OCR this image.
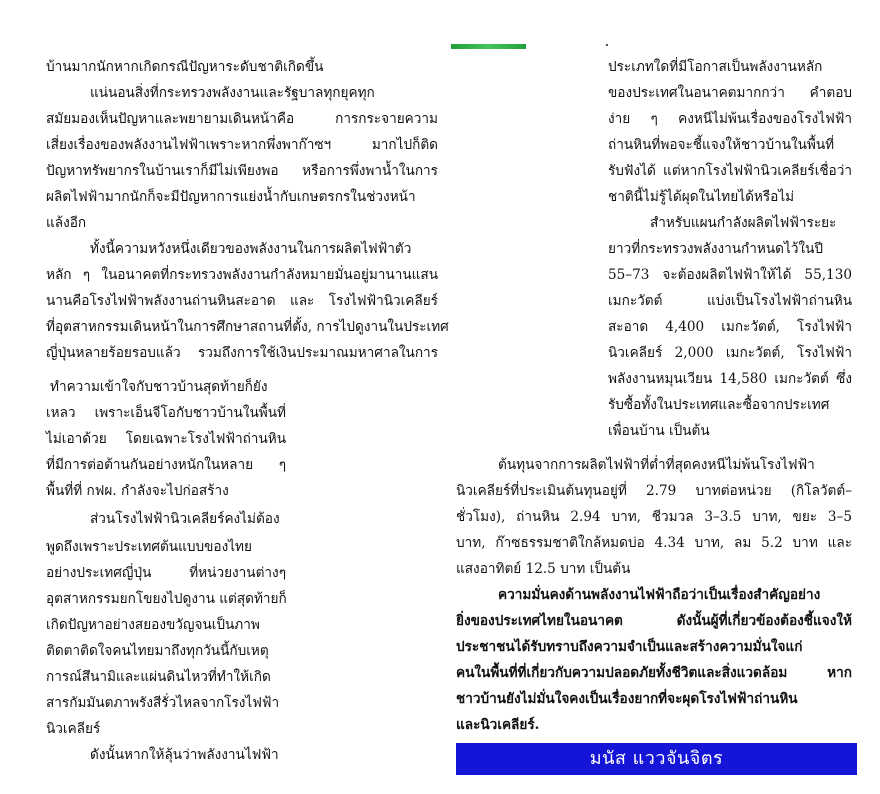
บ้านมากนักหากเกิดกรณีปัญหาระดับชาติเกิดขึ้น
แน่นอนสิ่งที่กระทรวงพลังงานและรัฐบาลทุกยุคทุก
สมัยมองเห็นปัญหาและพยายามเดินหน้าคือ การกระจายความ
เสี่ยงเรื่องของพลังงานไฟฟ้าเพราะหากพึ่งพาก๊าซฯ มากไปก็ติด
ปัญหาทรัพยากรในบ้านเราก็มีไม่เพียงพอ หรือการพึ่งพาน้ำในการ
ผลิตไฟฟ้ามากนักก็จะมีปัญหาการแย่งน้ำกับเกษตรกรในช่วงหน้า
แล้งอีก
ทั้งนี้ความหวังหนึ่งเดียวของพลังงานในการผลิตไฟฟ้าตัว
หลัก ๆ ในอนาคตที่กระทรวงพลังงานกำลังหมายมั่นอยู่มานานแสน
นานคือโรงไฟฟ้าพลังงานถ่านหินสะอาด และ โรงไฟฟ้านิวเคลียร์
ที่อุตสาหกรรมเดินหน้าในการศึกษาสถานที่ตั้ง, การไปดูงานในประเทศ
ญี่ปุ่นหลายร้อยรอบแล้ว รวมถึงการใช้เงินประมาณมหาศาลในการ
ทำความเข้าใจกับชาวบ้านสุดท้ายก็ยัง
เหลว เพราะเอ็นจีโอกับชาวบ้านในพื้นที่
ไม่เอาด้วย โดยเฉพาะโรงไฟฟ้าถ่านหิน
ที่มีการต่อต้านกันอย่างหนักในหลาย ๆ
พื้นที่ที่ กฟผ. กำลังจะไปก่อสร้าง
ส่วนโรงไฟฟ้านิวเคลียร์คงไม่ต้อง
พูดถึงเพราะประเทศต้นแบบของไทย
อย่างประเทศญี่ปุ่น ที่หน่วยงานต่างๆ
อุตสาหกรรมยกโขยงไปดูงาน แต่สุดท้ายก็
เกิดปัญหาอย่างสยองขวัญจนเป็นภาพ
ติดตาติดใจคนไทยมาถึงทุกวันนี้กับเหตุ
การณ์สึนามิและแผ่นดินไหวที่ทำให้เกิด
สารกัมมันตภาพรังสีรั่วไหลจากโรงไฟฟ้า
นิวเคลียร์
ดังนั้นหากให้ลุ้นว่าพลังงานไฟฟ้า
ประเภทใดที่มีโอกาสเป็นพลังงานหลัก
ของประเทศในอนาคตมากกว่า คำตอบ
ง่าย ๆ คงหนีไม่พ้นเรื่องของโรงไฟฟ้า
ถ่านหินที่พอจะชี้แจงให้ชาวบ้านในพื้นที่
รับฟังได้ แต่หากโรงไฟฟ้านิวเคลียร์เชื่อว่า
ชาตินี้ไม่รู้ได้ผุดในไทยได้หรือไม่
สำหรับแผนกำลังผลิตไฟฟ้าระยะ
ยาวที่กระทรวงพลังงานกำหนดไว้ในปี
55–73 จะต้องผลิตไฟฟ้าให้ได้ 55,130
เมกะวัตต์ แบ่งเป็นโรงไฟฟ้าถ่านหิน
สะอาด 4,400 เมกะวัตต์, โรงไฟฟ้า
นิวเคลียร์ 2,000 เมกะวัตต์, โรงไฟฟ้า
พลังงานหมุนเวียน 14,580 เมกะวัตต์ ซึ่ง
รับซื้อทั้งในประเทศและซื้อจากประเทศ
เพื่อนบ้าน เป็นต้น
ต้นทุนจากการผลิตไฟฟ้าที่ต่ำที่สุดคงหนีไม่พ้นโรงไฟฟ้า
นิวเคลียร์ที่ประเมินต้นทุนอยู่ที่ 2.79 บาทต่อหน่วย (กิโลวัตต์–
ชั่วโมง), ถ่านหิน 2.94 บาท, ชีวมวล 3–3.5 บาท, ขยะ 3–5
บาท, ก๊าซธรรมชาติใกล้หมดบ่อ 4.34 บาท, ลม 5.2 บาท และ
แสงอาทิตย์ 12.5 บาท เป็นต้น
ความมั่นคงด้านพลังงานไฟฟ้าถือว่าเป็นเรื่องสำคัญอย่าง
ยิ่งของประเทศไทยในอนาคต ดังนั้นผู้ที่เกี่ยวข้องต้องชี้แจงให้
ประชาชนได้รับทราบถึงความจำเป็นและสร้างความมั่นใจแก่
คนในพื้นที่ที่เกี่ยวกับความปลอดภัยทั้งชีวิตและสิ่งแวดล้อม หาก
ชาวบ้านยังไม่มั่นใจคงเป็นเรื่องยากที่จะผุดโรงไฟฟ้าถ่านหิน
และนิวเคลียร์.
มนัส แววจันจิตร
